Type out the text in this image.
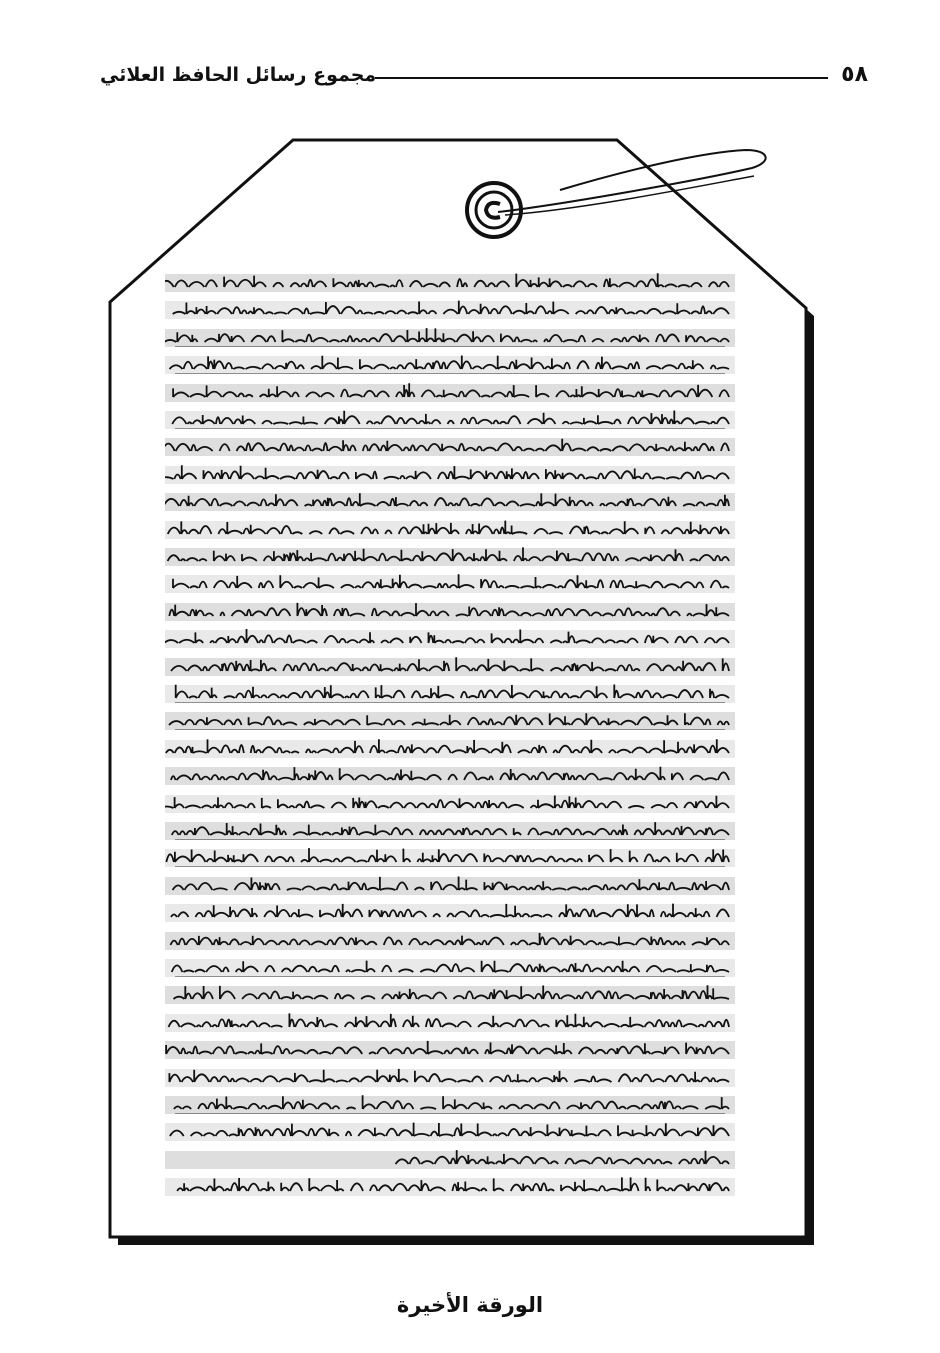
٥٨
مجموع رسائل الحافظ العلائي
الورقة الأخيرة
